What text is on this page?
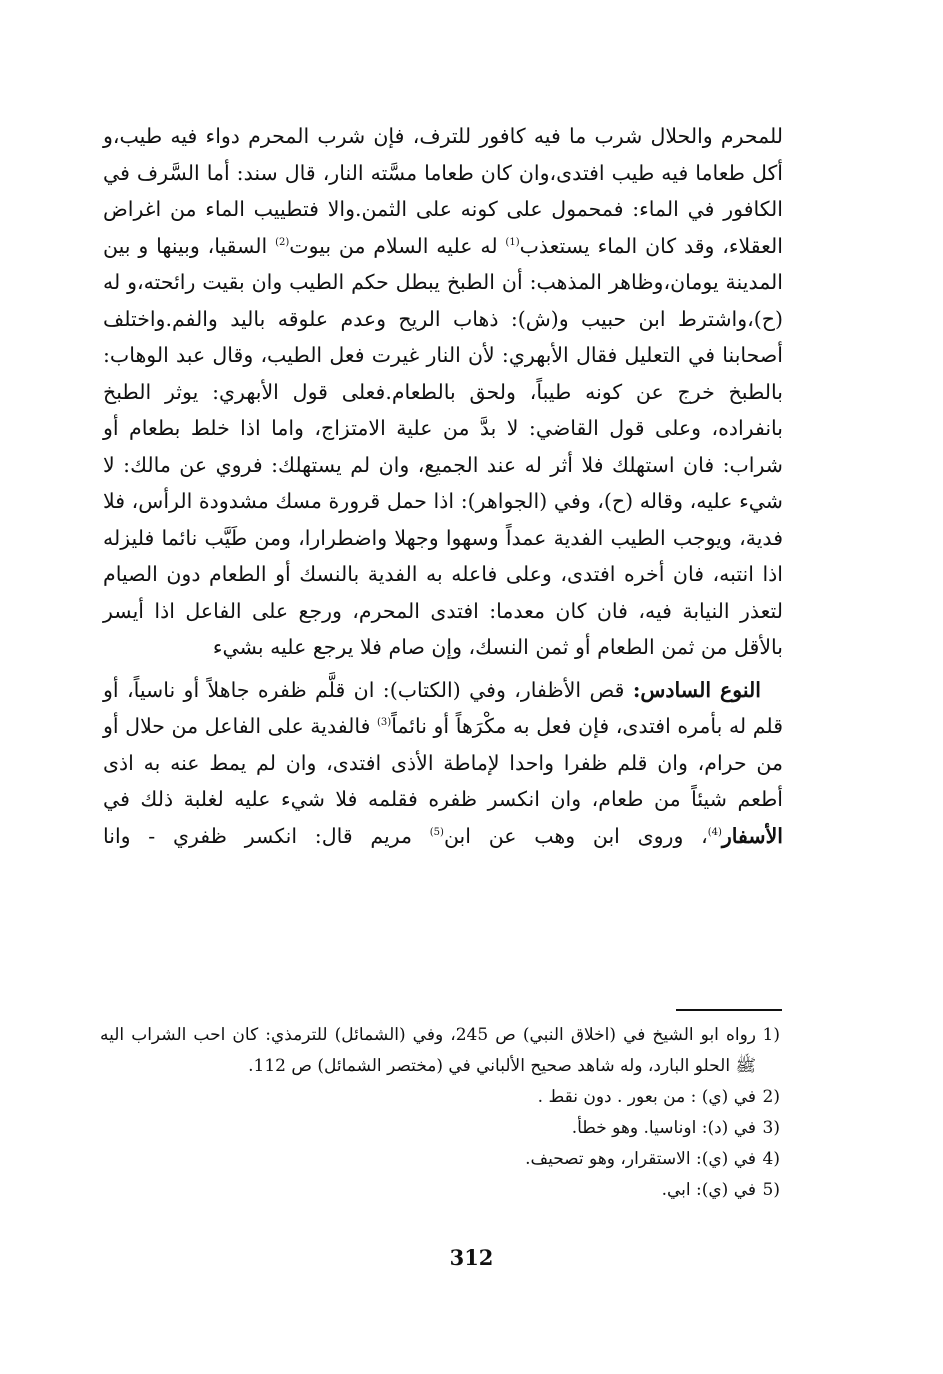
للمحرم والحلال شرب ما فيه كافور للترف، فإن شرب المحرم دواء فيه طيب،و أكل طعاما فيه طيب افتدى،وان كان طعاما مسَّته النار، قال سند: أما السَّرف في الكافور في الماء: فمحمول على كونه على الثمن.والا فتطييب الماء من اغراض العقلاء، وقد كان الماء يستعذب$^{(1)}$ له عليه السلام من بيوت$^{(2)}$ السقيا، وبينها و بين المدينة يومان،وظاهر المذهب: أن الطبخ يبطل حكم الطيب وان بقيت رائحته،و له (ح)،واشترط ابن حبيب و(ش): ذهاب الريح وعدم علوقه باليد والفم.واختلف أصحابنا في التعليل فقال الأبهري: لأن النار غيرت فعل الطيب، وقال عبد الوهاب: بالطبخ خرج عن كونه طيباً، ولحق بالطعام.فعلى قول الأبهري: يوثر الطبخ بانفراده، وعلى قول القاضي: لا بدَّ من علية الامتزاج، واما اذا خلط بطعام أو شراب: فان استهلك فلا أثر له عند الجميع، وان لم يستهلك: فروي عن مالك: لا شيء عليه، وقاله (ح)، وفي (الجواهر): اذا حمل قرورة مسك مشدودة الرأس، فلا فدية، ويوجب الطيب الفدية عمداً وسهوا وجهلا واضطرارا، ومن طَيَّب نائما فليزله اذا انتبه، فان أخره افتدى، وعلى فاعله به الفدية بالنسك أو الطعام دون الصيام لتعذر النيابة فيه، فان كان معدما: افتدى المحرم، ورجع على الفاعل اذا أيسر بالأقل من ثمن الطعام أو ثمن النسك، وإن صام فلا يرجع عليه بشيء

النوع السادس: قص الأظفار، وفي (الكتاب): ان قلَّم ظفره جاهلاً أو ناسياً، أو قلم له بأمره افتدى، فإن فعل به مكْرَهاً أو نائماً$^{(3)}$ فالفدية على الفاعل من حلال أو من حرام، وان قلم ظفرا واحدا لإماطة الأذى افتدى، وان لم يمط عنه به اذى أطعم شيئاً من طعام، وان انكسر ظفره فقلمه فلا شيء عليه لغلبة ذلك في الأسفار$^{(4)}$، وروى ابن وهب عن ابن$^{(5)}$ مريم قال: انكسر ظفري - وانا

1)
رواه ابو الشيخ في (اخلاق النبي) ص 245، وفي (الشمائل) للترمذي: كان احب الشراب اليه ﷺ الحلو البارد، وله شاهد صحيح الألباني في (مختصر الشمائل) ص 112.
2)
في (ي) : من بعور . دون نقط .
3)
في (د): اوناسيا. وهو خطأ.
4)
في (ي): الاستقرار، وهو تصحيف.
5)
في (ي): ابي.
312
